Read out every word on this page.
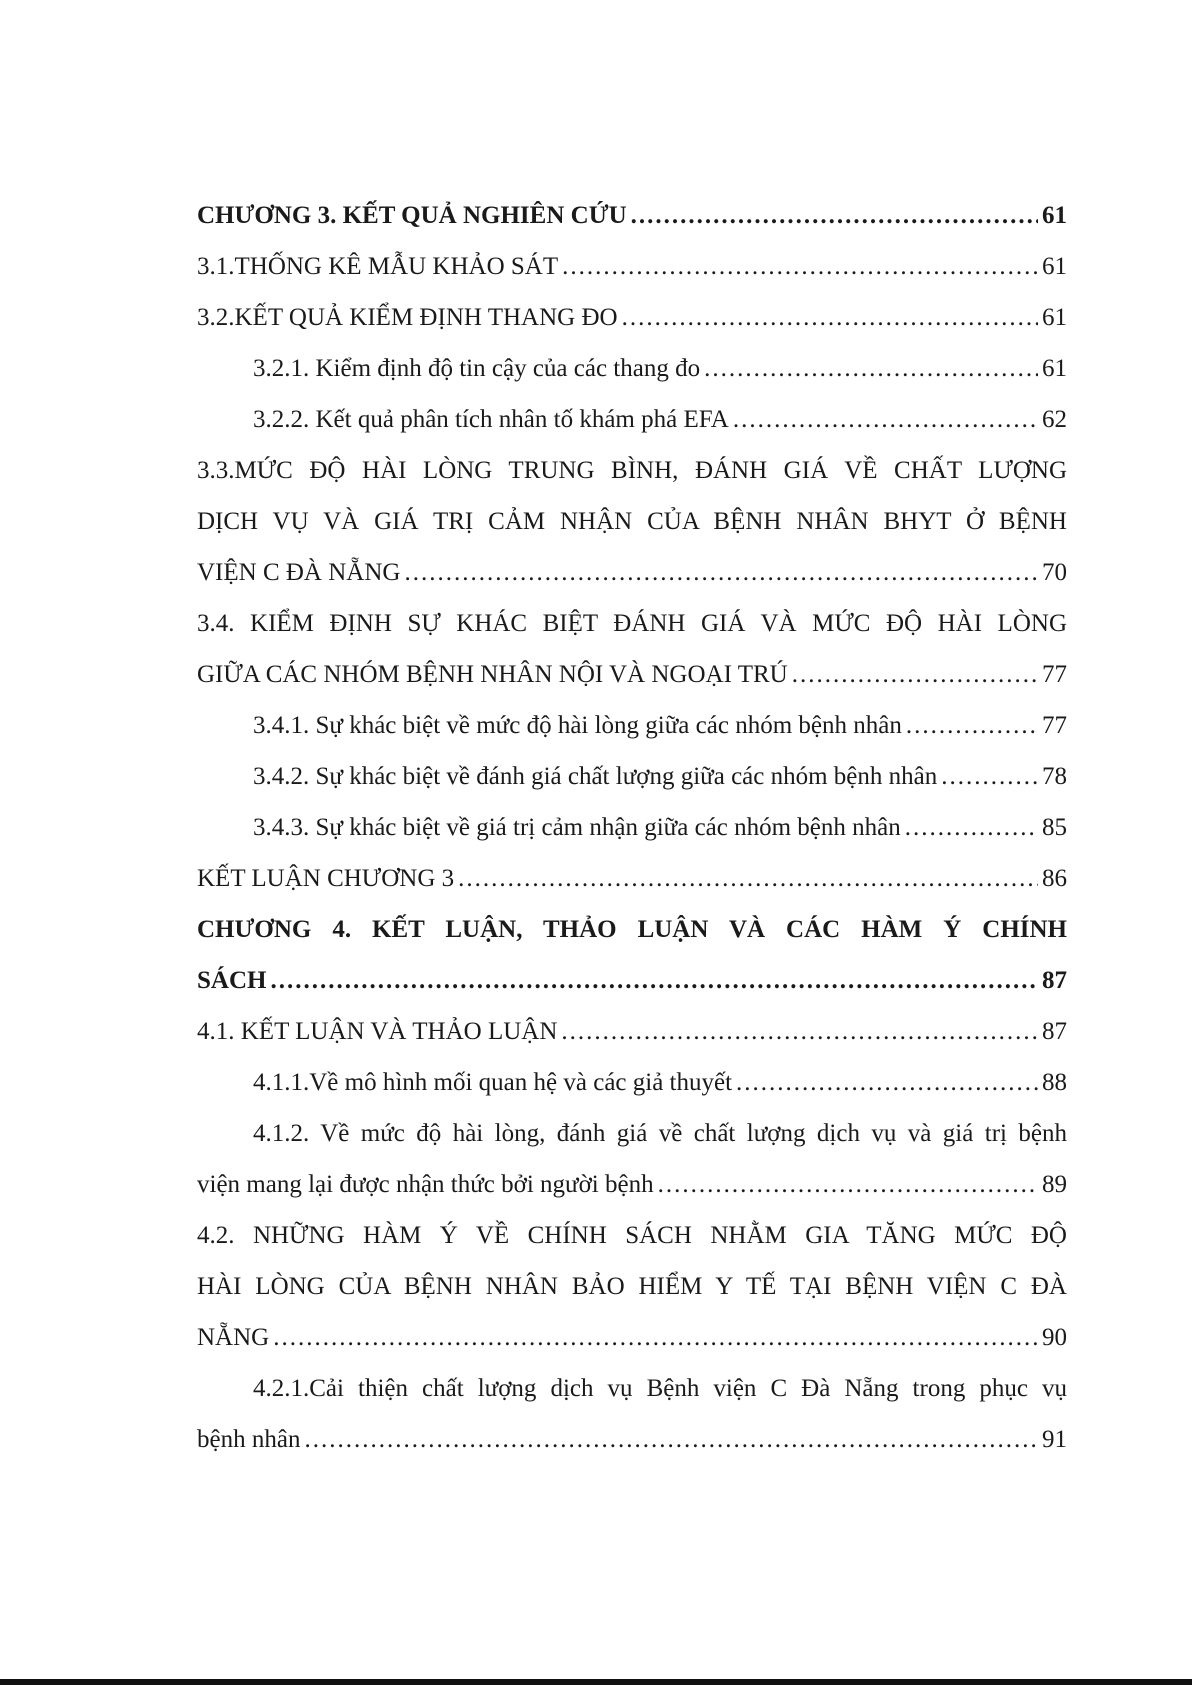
CHƯƠNG 3. KẾT QUẢ NGHIÊN CỨU .....	61
3.1.THỐNG KÊ MẪU KHẢO SÁT .....	61
3.2.KẾT QUẢ KIỂM ĐỊNH THANG ĐO .....	61
3.2.1. Kiểm định độ tin cậy của các thang đo .....	61
3.2.2. Kết quả phân tích nhân tố khám phá EFA .....	62
3.3.MỨC ĐỘ HÀI LÒNG TRUNG BÌNH, ĐÁNH GIÁ VỀ CHẤT LƯỢNG
DỊCH VỤ VÀ GIÁ TRỊ CẢM NHẬN CỦA BỆNH NHÂN BHYT Ở BỆNH
VIỆN C ĐÀ NẴNG .....	70
3.4. KIỂM ĐỊNH SỰ KHÁC BIỆT ĐÁNH GIÁ VÀ MỨC ĐỘ HÀI LÒNG
GIỮA CÁC NHÓM BỆNH NHÂN NỘI VÀ NGOẠI TRÚ .....	77
3.4.1. Sự khác biệt về mức độ hài lòng giữa các nhóm bệnh nhân .....	77
3.4.2. Sự khác biệt về đánh giá chất lượng giữa các nhóm bệnh nhân .....	78
3.4.3. Sự khác biệt về giá trị cảm nhận giữa các nhóm bệnh nhân .....	85
KẾT LUẬN CHƯƠNG 3 .....	86
CHƯƠNG 4. KẾT LUẬN, THẢO LUẬN VÀ CÁC HÀM Ý CHÍNH
SÁCH .....	87
4.1. KẾT LUẬN VÀ THẢO LUẬN .....	87
4.1.1.Về mô hình mối quan hệ và các giả thuyết .....	88
4.1.2. Về mức độ hài lòng, đánh giá về chất lượng dịch vụ và giá trị bệnh
viện mang lại được nhận thức bởi người bệnh .....	89
4.2. NHỮNG HÀM Ý VỀ CHÍNH SÁCH NHẰM GIA TĂNG MỨC ĐỘ
HÀI LÒNG CỦA BỆNH NHÂN BẢO HIỂM Y TẾ TẠI BỆNH VIỆN C ĐÀ
NẴNG .....	90
4.2.1.Cải thiện chất lượng dịch vụ Bệnh viện C Đà Nẵng trong phục vụ
bệnh nhân .....	91
